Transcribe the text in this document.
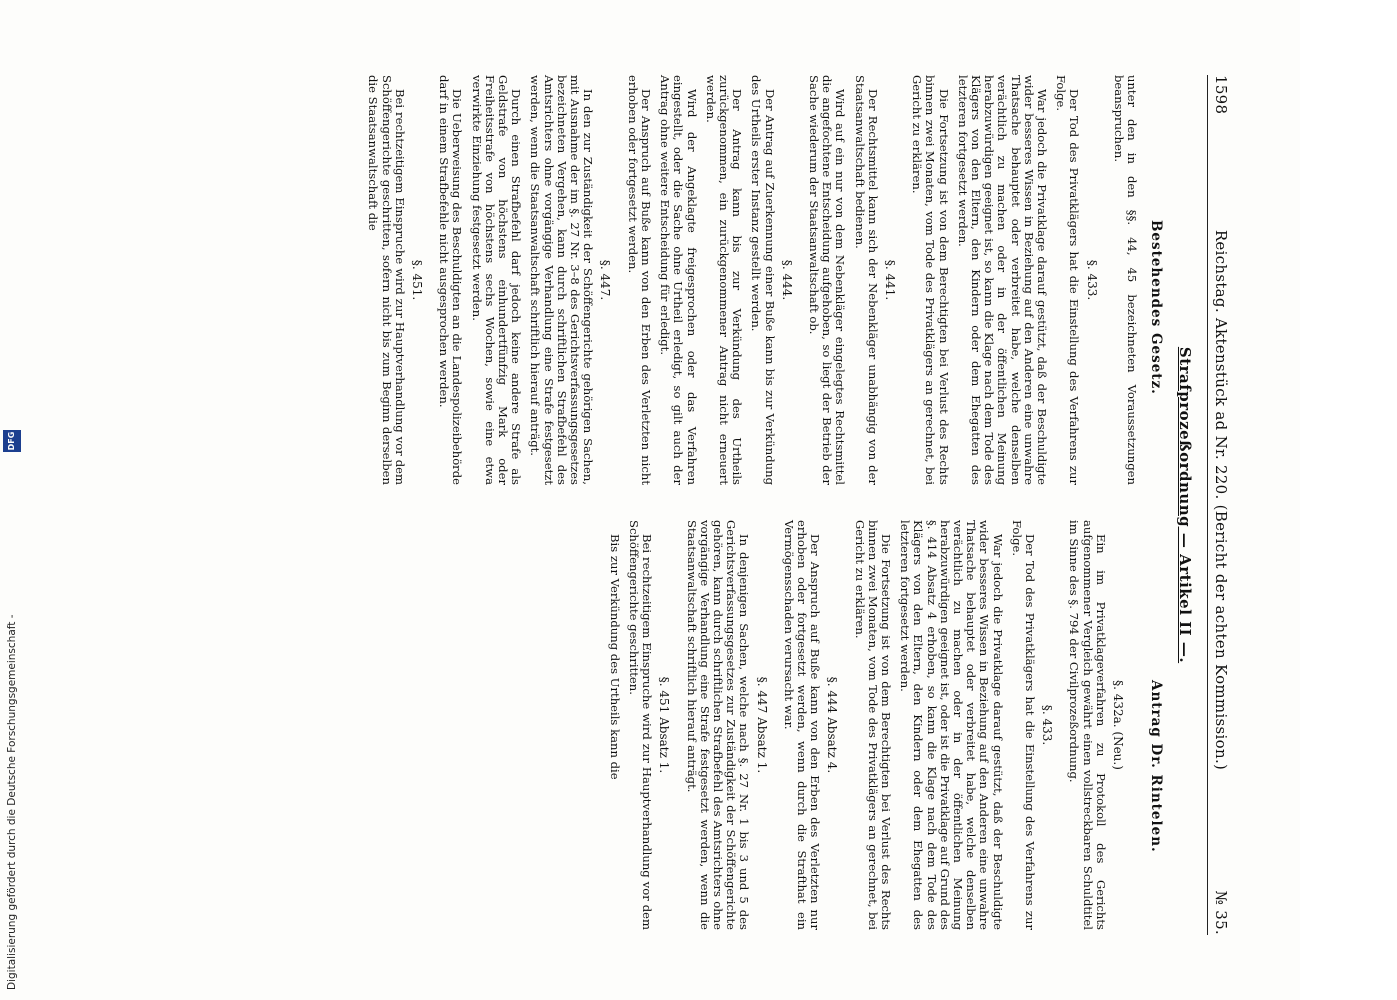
1598
Reichstag. Aktenstück ad Nr. 220. (Bericht der achten Kommission.)
№ 35.
Strafprozeßordnung — Artikel II —.
Bestehendes Gesetz.
Antrag Dr. Rintelen.

unter den in den §§. 44, 45 bezeichneten Voraussetzungen beanspruchen.

§. 433.

Der Tod des Privatklägers hat die Einstellung des Verfahrens zur Folge.

War jedoch die Privatklage darauf gestützt, daß der Beschuldigte wider besseres Wissen in Beziehung auf den Anderen eine unwahre Thatsache behauptet oder verbreitet habe, welche denselben verächtlich zu machen oder in der öffentlichen Meinung herabzuwürdigen geeignet ist, so kann die Klage nach dem Tode des Klägers von den Eltern, den Kindern oder dem Ehegatten des letzteren fortgesetzt werden.

Die Fortsetzung ist von dem Berechtigten bei Verlust des Rechts binnen zwei Monaten, vom Tode des Privatklägers an gerechnet, bei Gericht zu erklären.

§. 441.

Der Rechtsmittel kann sich der Nebenkläger unabhängig von der Staatsanwaltschaft bedienen.

Wird auf ein nur von dem Nebenkläger eingelegtes Rechtsmittel die angefochtene Entscheidung aufgehoben, so liegt der Betrieb der Sache wiederum der Staatsanwaltschaft ob.

§. 444.

Der Antrag auf Zuerkennung einer Buße kann bis zur Verkündung des Urtheils erster Instanz gestellt werden.

Der Antrag kann bis zur Verkündung des Urtheils zurückgenommen, ein zurückgenommener Antrag nicht erneuert werden.

Wird der Angeklagte freigesprochen oder das Verfahren eingestellt, oder die Sache ohne Urtheil erledigt, so gilt auch der Antrag ohne weitere Entscheidung für erledigt.

Der Anspruch auf Buße kann von den Erben des Verletzten nicht erhoben oder fortgesetzt werden.

§. 447.

In den zur Zuständigkeit der Schöffengerichte gehörigen Sachen, mit Ausnahme der im §. 27 Nr. 3–8 des Gerichtsverfassungsgesetzes bezeichneten Vergehen, kann durch schriftlichen Strafbefehl des Amtsrichters ohne vorgängige Verhandlung eine Strafe festgesetzt werden, wenn die Staatsanwaltschaft schriftlich hierauf anträgt.

Durch einen Strafbefehl darf jedoch keine andere Strafe als Geldstrafe von höchstens einhundertfünfzig Mark oder Freiheitsstrafe von höchstens sechs Wochen, sowie eine etwa verwirkte Einziehung festgesetzt werden.

Die Ueberweisung des Beschuldigten an die Landespolizeibehörde darf in einem Strafbefehle nicht ausgesprochen werden.

§. 451.

Bei rechtzeitigem Einspruche wird zur Hauptverhandlung vor dem Schöffengerichte geschritten, sofern nicht bis zum Beginn derselben die Staatsanwaltschaft die

§. 432a. (Neu.)

Ein im Privatklageverfahren zu Protokoll des Gerichts aufgenommener Vergleich gewährt einen vollstreckbaren Schuldtitel im Sinne des §. 794 der Civilprozeßordnung.

§. 433.

Der Tod des Privatklägers hat die Einstellung des Verfahrens zur Folge.

War jedoch die Privatklage darauf gestützt, daß der Beschuldigte wider besseres Wissen in Beziehung auf den Anderen eine unwahre Thatsache behauptet oder verbreitet habe, welche denselben verächtlich zu machen oder in der öffentlichen Meinung herabzuwürdigen geeignet ist, oder ist die Privatklage auf Grund des §. 414 Absatz 4 erhoben, so kann die Klage nach dem Tode des Klägers von den Eltern, den Kindern oder dem Ehegatten des letzteren fortgesetzt werden.

Die Fortsetzung ist von dem Berechtigten bei Verlust des Rechts binnen zwei Monaten, vom Tode des Privatklägers an gerechnet, bei Gericht zu erklären.

§. 444 Absatz 4.

Der Anspruch auf Buße kann von den Erben des Verletzten nur erhoben oder fortgesetzt werden, wenn durch die Strafthat ein Vermögensschaden verursacht war.

§. 447 Absatz 1.

In denjenigen Sachen, welche nach §. 27 Nr. 1 bis 3 und 5 des Gerichtsverfassungsgesetzes zur Zuständigkeit der Schöffengerichte gehören, kann durch schriftlichen Strafbefehl des Amtsrichters ohne vorgängige Verhandlung eine Strafe festgesetzt werden, wenn die Staatsanwaltschaft schriftlich hierauf anträgt.

§. 451 Absatz 1.

Bei rechtzeitigem Einspruche wird zur Hauptverhandlung vor dem Schöffengerichte geschritten.

Bis zur Verkündung des Urtheils kann die

Digitalisierung gefördert durch die Deutsche Forschungsgemeinschaft -
DFG
